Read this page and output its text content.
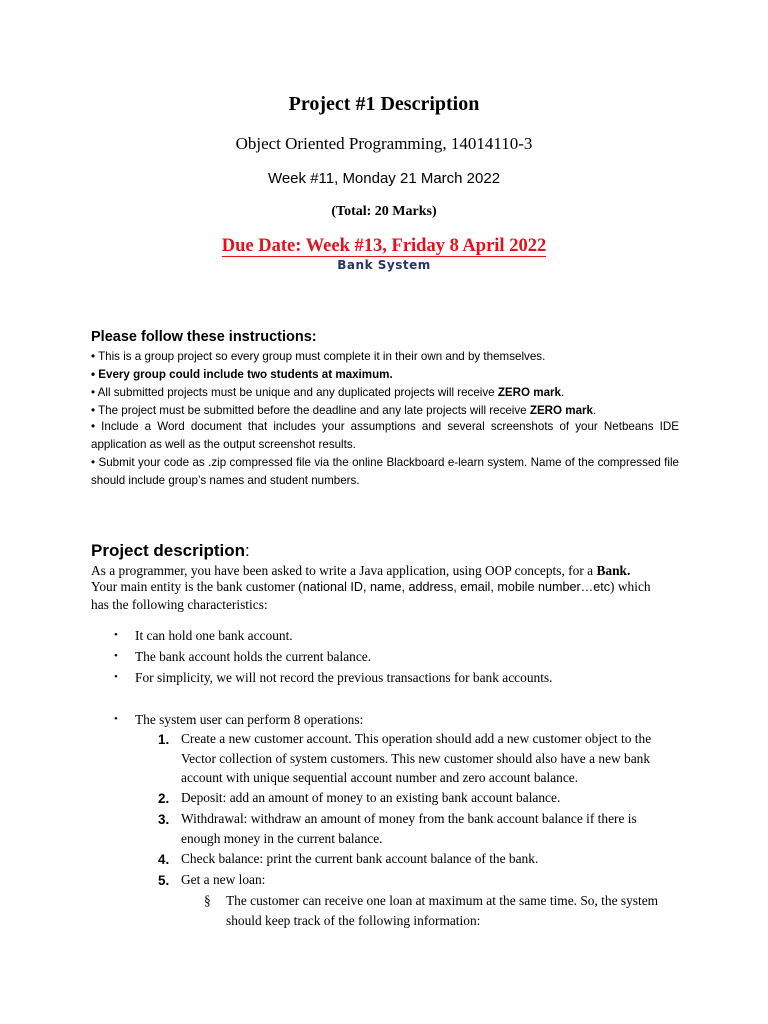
Project #1 Description
Object Oriented Programming, 14014110-3
Week #11, Monday 21 March 2022
(Total: 20 Marks)
Due Date: Week #13, Friday 8 April 2022
Bank System
Please follow these instructions:
• This is a group project so every group must complete it in their own and by themselves.
• Every group could include two students at maximum.
• All submitted projects must be unique and any duplicated projects will receive ZERO mark.
• The project must be submitted before the deadline and any late projects will receive ZERO mark.
• Include a Word document that includes your assumptions and several screenshots of your Netbeans IDE application as well as the output screenshot results.
• Submit your code as .zip compressed file via the online Blackboard e-learn system. Name of the compressed file should include group’s names and student numbers.
Project description:
As a programmer, you have been asked to write a Java application, using OOP concepts, for a Bank.
Your main entity is the bank customer (national ID, name, address, email, mobile number…etc) which
has the following characteristics:
• It can hold one bank account.
• The bank account holds the current balance.
• For simplicity, we will not record the previous transactions for bank accounts.
• The system user can perform 8 operations:
1. Create a new customer account. This operation should add a new customer object to the Vector collection of system customers. This new customer should also have a new bank account with unique sequential account number and zero account balance.
2. Deposit: add an amount of money to an existing bank account balance.
3. Withdrawal: withdraw an amount of money from the bank account balance if there is enough money in the current balance.
4. Check balance: print the current bank account balance of the bank.
5. Get a new loan:
§ The customer can receive one loan at maximum at the same time. So, the system should keep track of the following information:
